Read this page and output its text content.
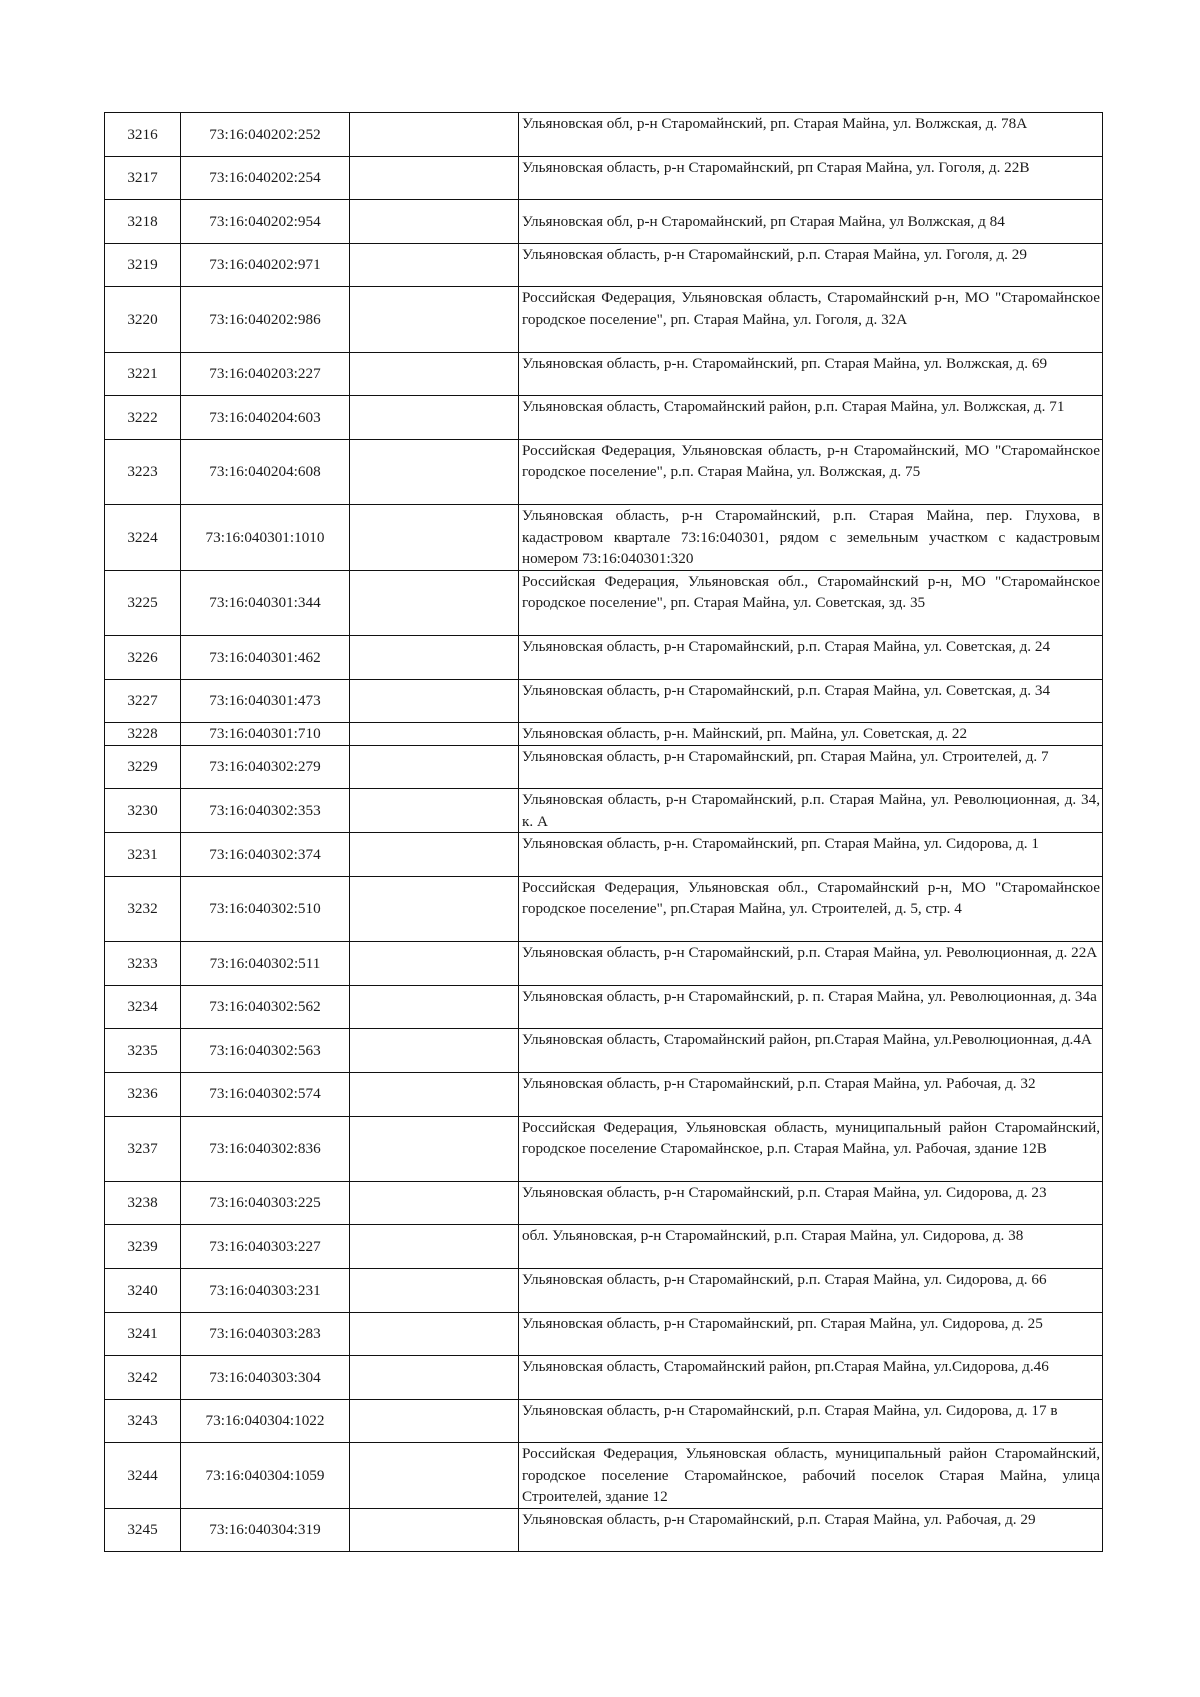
3216	73:16:040202:252		Ульяновская обл, р-н Старомайнский, рп. Старая Майна, ул. Волжская, д. 78А

3217	73:16:040202:254		Ульяновская область, р-н Старомайнский, рп Старая Майна, ул. Гоголя, д. 22В

3218	73:16:040202:954		Ульяновская обл, р-н Старомайнский, рп Старая Майна, ул Волжская, д 84

3219	73:16:040202:971		Ульяновская область, р-н Старомайнский, р.п. Старая Майна, ул. Гоголя, д. 29

3220	73:16:040202:986		Российская Федерация, Ульяновская область, Старомайнский р-н, МО "Старомайнское городское поселение", рп. Старая Майна, ул. Гоголя, д. 32А

3221	73:16:040203:227		Ульяновская область, р-н. Старомайнский, рп. Старая Майна, ул. Волжская, д. 69

3222	73:16:040204:603		Ульяновская область, Старомайнский район, р.п. Старая Майна, ул. Волжская, д. 71

3223	73:16:040204:608		Российская Федерация, Ульяновская область, р-н Старомайнский, МО "Старомайнское городское поселение", р.п. Старая Майна, ул. Волжская, д. 75

3224	73:16:040301:1010		Ульяновская область, р-н Старомайнский, р.п. Старая Майна, пер. Глухова, в кадастровом квартале 73:16:040301, рядом с земельным участком с кадастровым номером 73:16:040301:320

3225	73:16:040301:344		Российская Федерация, Ульяновская обл., Старомайнский р-н, МО "Старомайнское городское поселение", рп. Старая Майна, ул. Советская, зд. 35

3226	73:16:040301:462		Ульяновская область, р-н Старомайнский, р.п. Старая Майна, ул. Советская, д. 24

3227	73:16:040301:473		Ульяновская область, р-н Старомайнский, р.п. Старая Майна, ул. Советская, д. 34

3228	73:16:040301:710		Ульяновская область, р-н. Майнский, рп. Майна, ул. Советская, д. 22

3229	73:16:040302:279		Ульяновская область, р-н Старомайнский, рп. Старая Майна, ул. Строителей, д. 7

3230	73:16:040302:353		Ульяновская область, р-н Старомайнский, р.п. Старая Майна, ул. Революционная, д. 34, к. А

3231	73:16:040302:374		Ульяновская область, р-н. Старомайнский, рп. Старая Майна, ул. Сидорова, д. 1

3232	73:16:040302:510		Российская Федерация, Ульяновская обл., Старомайнский р-н, МО "Старомайнское городское поселение", рп.Старая Майна, ул. Строителей, д. 5, стр. 4

3233	73:16:040302:511		Ульяновская область, р-н Старомайнский, р.п. Старая Майна, ул. Революционная, д. 22А

3234	73:16:040302:562		Ульяновская область, р-н Старомайнский, р. п. Старая Майна, ул. Революционная, д. 34а

3235	73:16:040302:563		Ульяновская область, Старомайнский район, рп.Старая Майна, ул.Революционная, д.4А

3236	73:16:040302:574		Ульяновская область, р-н Старомайнский, р.п. Старая Майна, ул. Рабочая, д. 32

3237	73:16:040302:836		Российская Федерация, Ульяновская область, муниципальный район Старомайнский, городское поселение Старомайнское, р.п. Старая Майна, ул. Рабочая, здание 12В

3238	73:16:040303:225		Ульяновская область, р-н Старомайнский, р.п. Старая Майна, ул. Сидорова, д. 23

3239	73:16:040303:227		обл. Ульяновская, р-н Старомайнский, р.п. Старая Майна, ул. Сидорова, д. 38

3240	73:16:040303:231		Ульяновская область, р-н Старомайнский, р.п. Старая Майна, ул. Сидорова, д. 66

3241	73:16:040303:283		Ульяновская область, р-н Старомайнский, рп. Старая Майна, ул. Сидорова, д. 25

3242	73:16:040303:304		Ульяновская область, Старомайнский район, рп.Старая Майна, ул.Сидорова, д.46

3243	73:16:040304:1022		Ульяновская область, р-н Старомайнский, р.п. Старая Майна, ул. Сидорова, д. 17 в

3244	73:16:040304:1059		Российская Федерация, Ульяновская область, муниципальный район Старомайнский, городское поселение Старомайнское, рабочий поселок Старая Майна, улица Строителей, здание 12

3245	73:16:040304:319		Ульяновская область, р-н Старомайнский, р.п. Старая Майна, ул. Рабочая, д. 29
